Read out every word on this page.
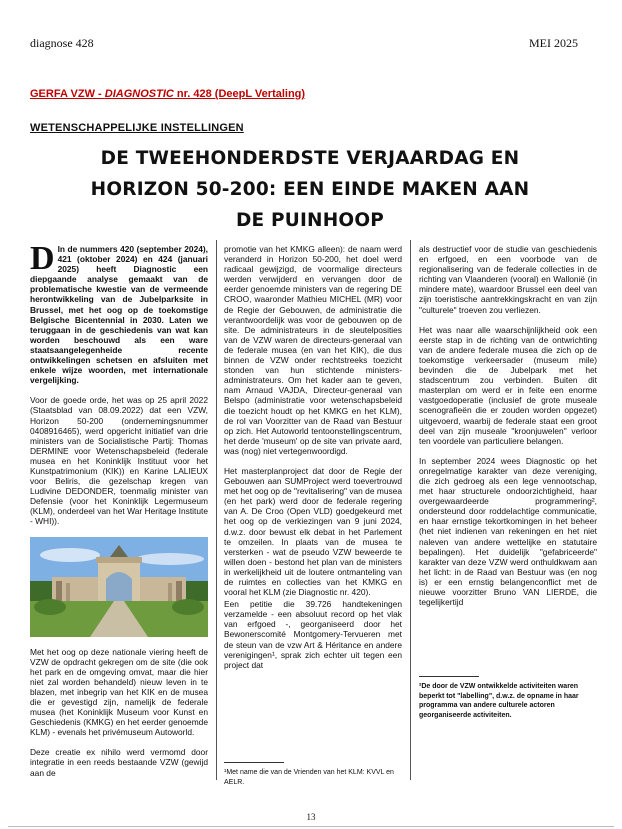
diagnose 428	MEI 2025
GERFA VZW - DIAGNOSTIC nr. 428 (DeepL Vertaling)
WETENSCHAPPELIJKE INSTELLINGEN
DE TWEEHONDERDSTE VERJAARDAG EN
HORIZON 50-200: EEN EINDE MAKEN AAN
DE PUINHOOP

D In de nummers 420 (september 2024), 421 (oktober 2024) en 424 (januari 2025) heeft Diagnostic een diepgaande analyse gemaakt van de problematische kwestie van de vermeende herontwikkeling van de Jubelparksite in Brussel, met het oog op de toekomstige Belgische Bicentennial in 2030. Laten we teruggaan in de geschiedenis van wat kan worden beschouwd als een ware staatsaangelegenheide recente ontwikkelingen schetsen en afsluiten met enkele wijze woorden, met internationale vergelijking.

Voor de goede orde, het was op 25 april 2022 (Staatsblad van 08.09.2022) dat een VZW, Horizon 50-200 (ondernemingsnummer 0408916465), werd opgericht initiatief van drie ministers van de Socialistische Partij: Thomas DERMINE voor Wetenschapsbeleid (federale musea en het Koninklijk Instituut voor het Kunstpatrimonium (KIK)) en Karine LALIEUX voor Beliris, die gezelschap kregen van Ludivine DEDONDER, toenmalig minister van Defensie (voor het Koninklijk Legermuseum (KLM), onderdeel van het War Heritage Institute - WHI)).

Met het oog op deze nationale viering heeft de VZW de opdracht gekregen om de site (die ook het park en de omgeving omvat, maar die hier niet zal worden behandeld) nieuw leven in te blazen, met inbegrip van het KIK en de musea die er gevestigd zijn, namelijk de federale musea (het Koninklijk Museum voor Kunst en Geschiedenis (KMKG) en het eerder genoemde KLM) - evenals het privémuseum Autoworld.

Deze creatie ex nihilo werd vermomd door integratie in een reeds bestaande VZW (gewijd aan de

promotie van het KMKG alleen): de naam werd veranderd in Horizon 50-200, het doel werd radicaal gewijzigd, de voormalige directeurs werden verwijderd en vervangen door de eerder genoemde ministers van de regering DE CROO, waaronder Mathieu MICHEL (MR) voor de Regie der Gebouwen, de administratie die verantwoordelijk was voor de gebouwen op de site. De administrateurs in de sleutelposities van de VZW waren de directeurs-generaal van de federale musea (en van het KIK), die dus binnen de VZW onder rechtstreeks toezicht stonden van hun stichtende ministers-administrateurs. Om het kader aan te geven, nam Arnaud VAJDA, Directeur-generaal van Belspo (administratie voor wetenschapsbeleid die toezicht houdt op het KMKG en het KLM), de rol van Voorzitter van de Raad van Bestuur op zich. Het Autoworld tentoonstellingscentrum, het derde 'museum' op de site van private aard, was (nog) niet vertegenwoordigd.

Het masterplanproject dat door de Regie der Gebouwen aan SUMProject werd toevertrouwd met het oog op de "revitalisering" van de musea (en het park) werd door de federale regering van A. De Croo (Open VLD) goedgekeurd met het oog op de verkiezingen van 9 juni 2024, d.w.z. door bewust elk debat in het Parlement te omzeilen. In plaats van de musea te versterken - wat de pseudo VZW beweerde te willen doen - bestond het plan van de ministers in werkelijkheid uit de loutere ontmanteling van de ruimtes en collecties van het KMKG en vooral het KLM (zie Diagnostic nr. 420).

Een petitie die 39.726 handtekeningen verzamelde - een absoluut record op het vlak van erfgoed -, georganiseerd door het Bewonerscomité Montgomery-Tervueren met de steun van de vzw Art & Héritance en andere verenigingen¹, sprak zich echter uit tegen een project dat

als destructief voor de studie van geschiedenis en erfgoed, en een voorbode van de regionalisering van de federale collecties in de richting van Vlaanderen (vooral) en Wallonië (in mindere mate), waardoor Brussel een deel van zijn toeristische aantrekkingskracht en van zijn "culturele" troeven zou verliezen.

Het was naar alle waarschijnlijkheid ook een eerste stap in de richting van de ontwrichting van de andere federale musea die zich op de toekomstige verkeersader (museum mile) bevinden die de Jubelpark met het stadscentrum zou verbinden. Buiten dit masterplan om werd er in feite een enorme vastgoedoperatie (inclusief de grote museale scenografieën die er zouden worden opgezet) uitgevoerd, waarbij de federale staat een groot deel van zijn museale "kroonjuwelen" verloor ten voordele van particuliere belangen.

In september 2024 wees Diagnostic op het onregelmatige karakter van deze vereniging, die zich gedroeg als een lege vennootschap, met haar structurele ondoorzichtigheid, haar overgewaardeerde programmering², ondersteund door roddelachtige communicatie, en haar ernstige tekortkomingen in het beheer (het niet indienen van rekeningen en het niet naleven van andere wettelijke en statutaire bepalingen). Het duidelijk "gefabriceerde" karakter van deze VZW werd onthuldkwam aan het licht: in de Raad van Bestuur was (en nog is) er een ernstig belangenconflict met de nieuwe voorzitter Bruno VAN LIERDE, die tegelijkertijd

¹Met name die van de Vrienden van het KLM: KVVL en AELR.
²De door de VZW ontwikkelde activiteiten waren beperkt tot "labelling", d.w.z. de opname in haar programma van andere culturele actoren georganiseerde activiteiten.
13
